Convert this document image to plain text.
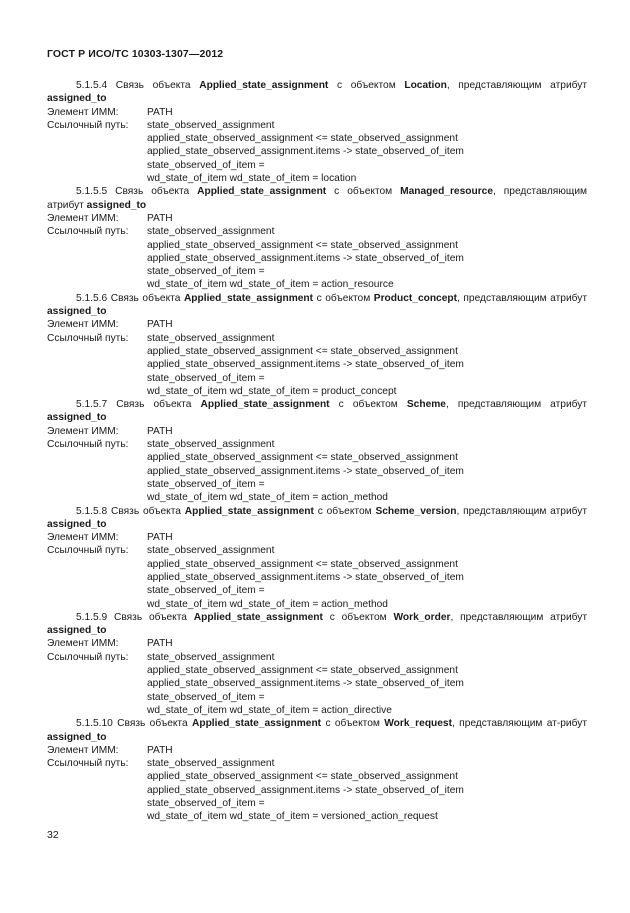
ГОСТ Р ИСО/ТС 10303-1307—2012
5.1.5.4 Связь объекта Applied_state_assignment с объектом Location, представляющим атрибут assigned_to
Элемент ИММ:	PATH
Ссылочный путь: state_observed_assignment
applied_state_observed_assignment <= state_observed_assignment
applied_state_observed_assignment.items -> state_observed_of_item
state_observed_of_item =
wd_state_of_item wd_state_of_item = location
5.1.5.5 Связь объекта Applied_state_assignment с объектом Managed_resource, представляющим атрибут assigned_to
Элемент ИММ:	PATH
Ссылочный путь: state_observed_assignment
applied_state_observed_assignment <= state_observed_assignment
applied_state_observed_assignment.items -> state_observed_of_item
state_observed_of_item =
wd_state_of_item wd_state_of_item = action_resource
5.1.5.6 Связь объекта Applied_state_assignment с объектом Product_concept, представляющим атрибут assigned_to
Элемент ИММ:	PATH
Ссылочный путь: state_observed_assignment
applied_state_observed_assignment <= state_observed_assignment
applied_state_observed_assignment.items -> state_observed_of_item
state_observed_of_item =
wd_state_of_item wd_state_of_item = product_concept
5.1.5.7 Связь объекта Applied_state_assignment с объектом Scheme, представляющим атрибут assigned_to
Элемент ИММ:	PATH
Ссылочный путь: state_observed_assignment
applied_state_observed_assignment <= state_observed_assignment
applied_state_observed_assignment.items -> state_observed_of_item
state_observed_of_item =
wd_state_of_item wd_state_of_item = action_method
5.1.5.8 Связь объекта Applied_state_assignment с объектом Scheme_version, представляющим атрибут assigned_to
Элемент ИММ:	PATH
Ссылочный путь: state_observed_assignment
applied_state_observed_assignment <= state_observed_assignment
applied_state_observed_assignment.items -> state_observed_of_item
state_observed_of_item =
wd_state_of_item wd_state_of_item = action_method
5.1.5.9 Связь объекта Applied_state_assignment с объектом Work_order, представляющим атрибут assigned_to
Элемент ИММ:	PATH
Ссылочный путь: state_observed_assignment
applied_state_observed_assignment <= state_observed_assignment
applied_state_observed_assignment.items -> state_observed_of_item
state_observed_of_item =
wd_state_of_item wd_state_of_item = action_directive
5.1.5.10 Связь объекта Applied_state_assignment с объектом Work_request, представляющим ат-рибут assigned_to
Элемент ИММ:	PATH
Ссылочный путь: state_observed_assignment
applied_state_observed_assignment <= state_observed_assignment
applied_state_observed_assignment.items -> state_observed_of_item
state_observed_of_item =
wd_state_of_item wd_state_of_item = versioned_action_request
32
